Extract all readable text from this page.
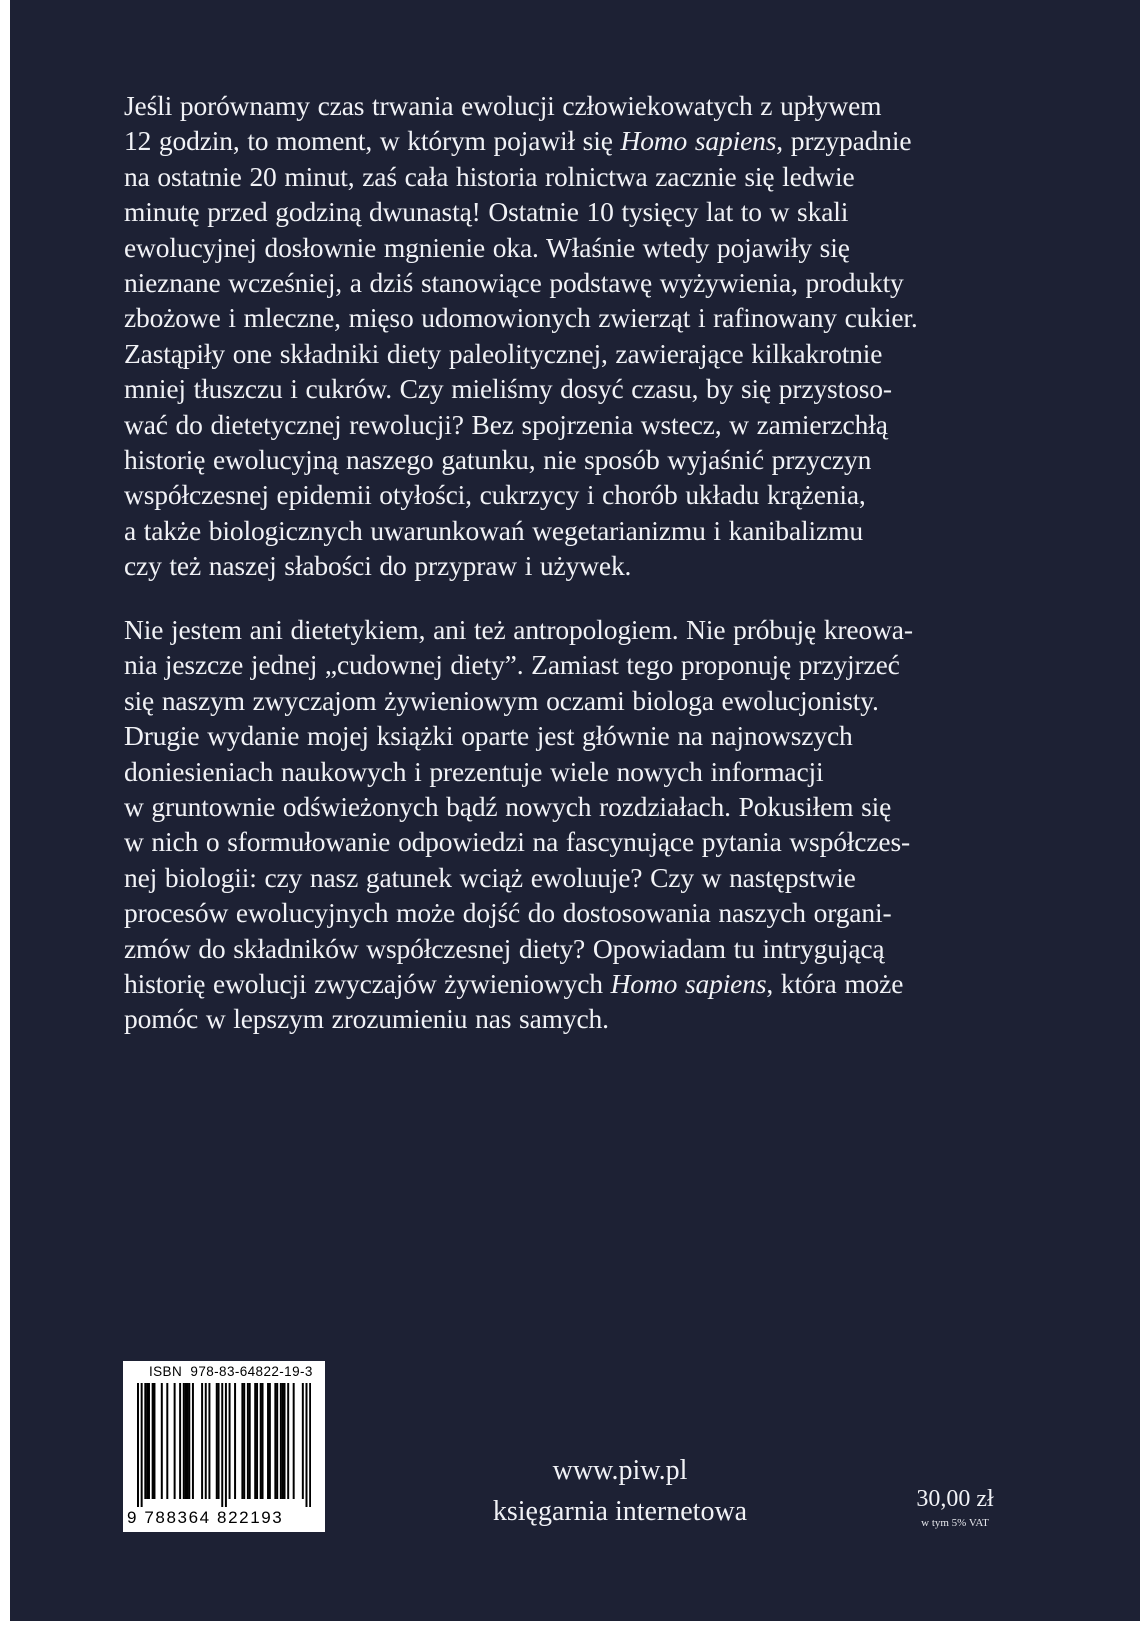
Jeśli porównamy czas trwania ewolucji człowiekowatych z upływem
12 godzin, to moment, w którym pojawił się Homo sapiens, przypadnie
na ostatnie 20 minut, zaś cała historia rolnictwa zacznie się ledwie
minutę przed godziną dwunastą! Ostatnie 10 tysięcy lat to w skali
ewolucyjnej dosłownie mgnienie oka. Właśnie wtedy pojawiły się
nieznane wcześniej, a dziś stanowiące podstawę wyżywienia, produkty
zbożowe i mleczne, mięso udomowionych zwierząt i rafinowany cukier.
Zastąpiły one składniki diety paleolitycznej, zawierające kilkakrotnie
mniej tłuszczu i cukrów. Czy mieliśmy dosyć czasu, by się przystoso-
wać do dietetycznej rewolucji? Bez spojrzenia wstecz, w zamierzchłą
historię ewolucyjną naszego gatunku, nie sposób wyjaśnić przyczyn
współczesnej epidemii otyłości, cukrzycy i chorób układu krążenia,
a także biologicznych uwarunkowań wegetarianizmu i kanibalizmu
czy też naszej słabości do przypraw i używek.
Nie jestem ani dietetykiem, ani też antropologiem. Nie próbuję kreowa-
nia jeszcze jednej „cudownej diety”. Zamiast tego proponuję przyjrzeć
się naszym zwyczajom żywieniowym oczami biologa ewolucjonisty.
Drugie wydanie mojej książki oparte jest głównie na najnowszych
doniesieniach naukowych i prezentuje wiele nowych informacji
w gruntownie odświeżonych bądź nowych rozdziałach. Pokusiłem się
w nich o sformułowanie odpowiedzi na fascynujące pytania współczes-
nej biologii: czy nasz gatunek wciąż ewoluuje? Czy w następstwie
procesów ewolucyjnych może dojść do dostosowania naszych organi-
zmów do składników współczesnej diety? Opowiadam tu intrygującą
historię ewolucji zwyczajów żywieniowych Homo sapiens, która może
pomóc w lepszym zrozumieniu nas samych.
ISBN  978-83-64822-19-3
9 788364 822193
www.piw.pl
księgarnia internetowa	30,00 zł
w tym 5% VAT
